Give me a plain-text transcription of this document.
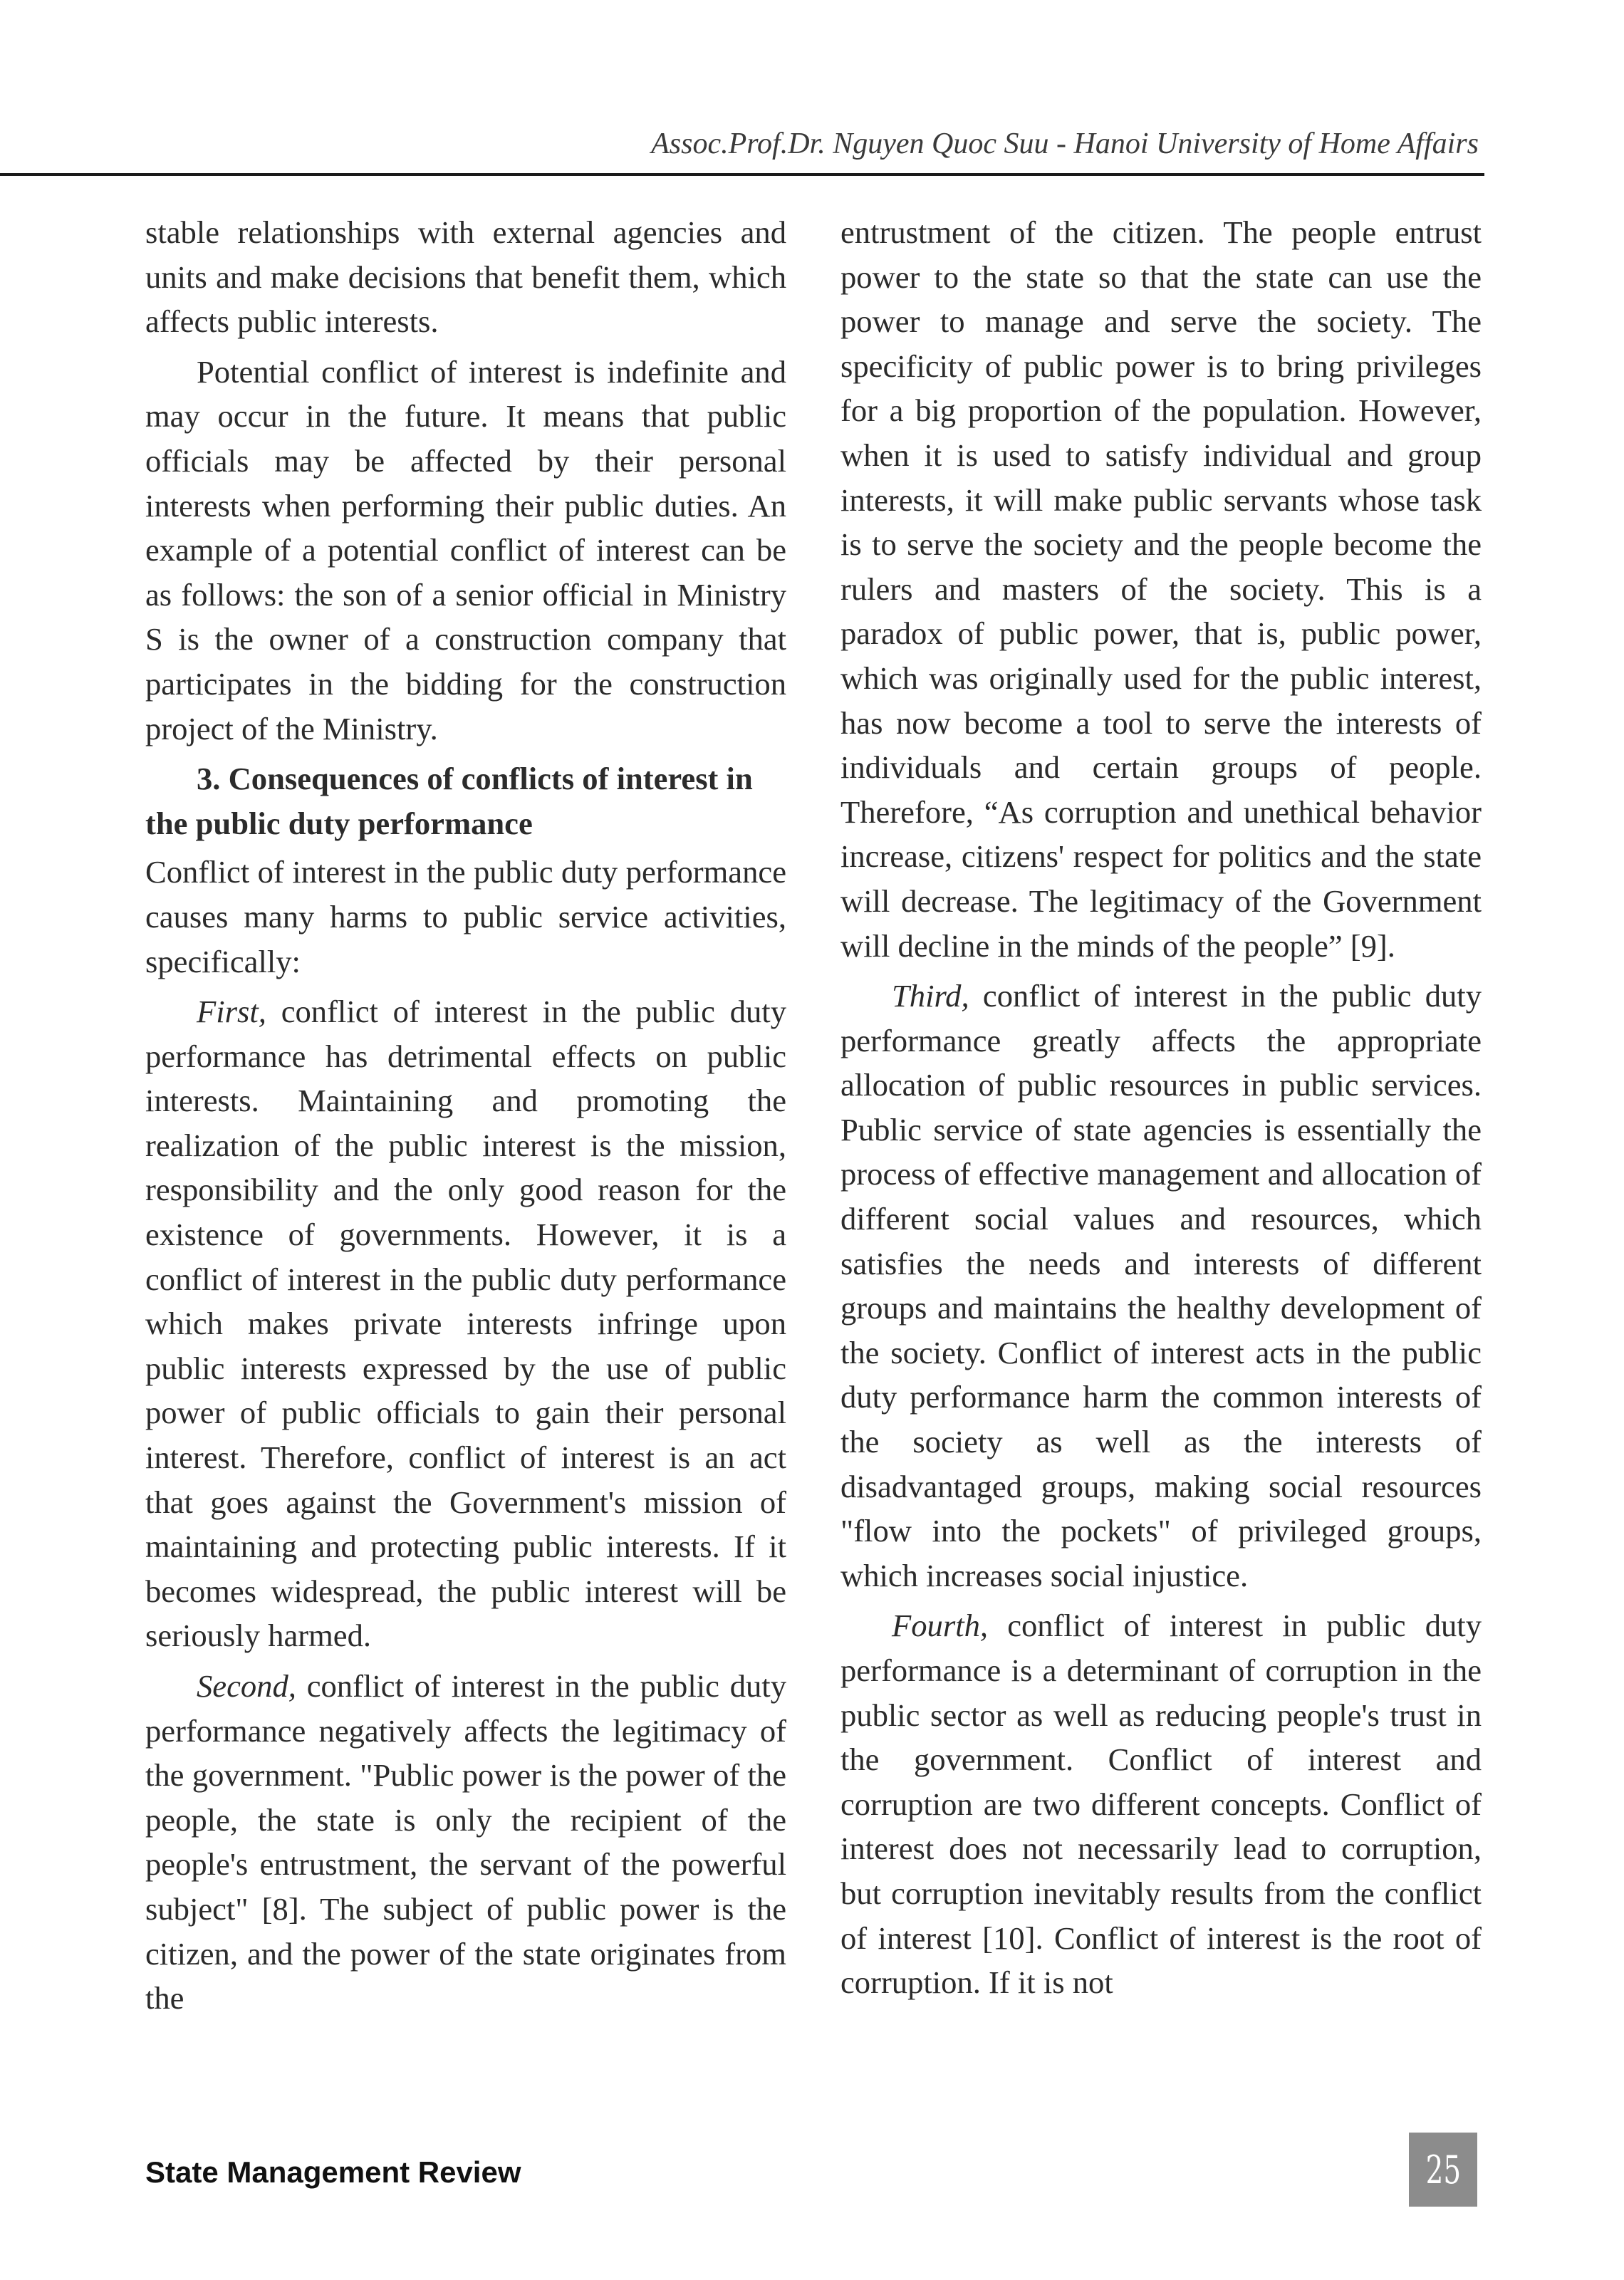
Assoc.Prof.Dr. Nguyen Quoc Suu - Hanoi University of Home Affairs

stable relationships with external agencies and units and make decisions that benefit them, which affects public interests.

Potential conflict of interest is indefinite and may occur in the future. It means that public officials may be affected by their personal interests when performing their public duties. An example of a potential conflict of interest can be as follows: the son of a senior official in Ministry S is the owner of a construction company that participates in the bidding for the construction project of the Ministry.

3. Consequences of conflicts of interest in the public duty performance

Conflict of interest in the public duty performance causes many harms to public service activities, specifically:

First, conflict of interest in the public duty performance has detrimental effects on public interests. Maintaining and promoting the realization of the public interest is the mission, responsibility and the only good reason for the existence of governments. However, it is a conflict of interest in the public duty performance which makes private interests infringe upon public interests expressed by the use of public power of public officials to gain their personal interest. Therefore, conflict of interest is an act that goes against the Government's mission of maintaining and protecting public interests. If it becomes widespread, the public interest will be seriously harmed.

Second, conflict of interest in the public duty performance negatively affects the legitimacy of the government. "Public power is the power of the people, the state is only the recipient of the people's entrustment, the servant of the powerful subject" [8]. The subject of public power is the citizen, and the power of the state originates from the

entrustment of the citizen. The people entrust power to the state so that the state can use the power to manage and serve the society. The specificity of public power is to bring privileges for a big proportion of the population. However, when it is used to satisfy individual and group interests, it will make public servants whose task is to serve the society and the people become the rulers and masters of the society. This is a paradox of public power, that is, public power, which was originally used for the public interest, has now become a tool to serve the interests of individuals and certain groups of people. Therefore, “As corruption and unethical behavior increase, citizens' respect for politics and the state will decrease. The legitimacy of the Government will decline in the minds of the people” [9].

Third, conflict of interest in the public duty performance greatly affects the appropriate allocation of public resources in public services. Public service of state agencies is essentially the process of effective management and allocation of different social values and resources, which satisfies the needs and interests of different groups and maintains the healthy development of the society. Conflict of interest acts in the public duty performance harm the common interests of the society as well as the interests of disadvantaged groups, making social resources "flow into the pockets" of privileged groups, which increases social injustice.

Fourth, conflict of interest in public duty performance is a determinant of corruption in the public sector as well as reducing people's trust in the government. Conflict of interest and corruption are two different concepts. Conflict of interest does not necessarily lead to corruption, but corruption inevitably results from the conflict of interest [10]. Conflict of interest is the root of corruption. If it is not

State Management Review	25
